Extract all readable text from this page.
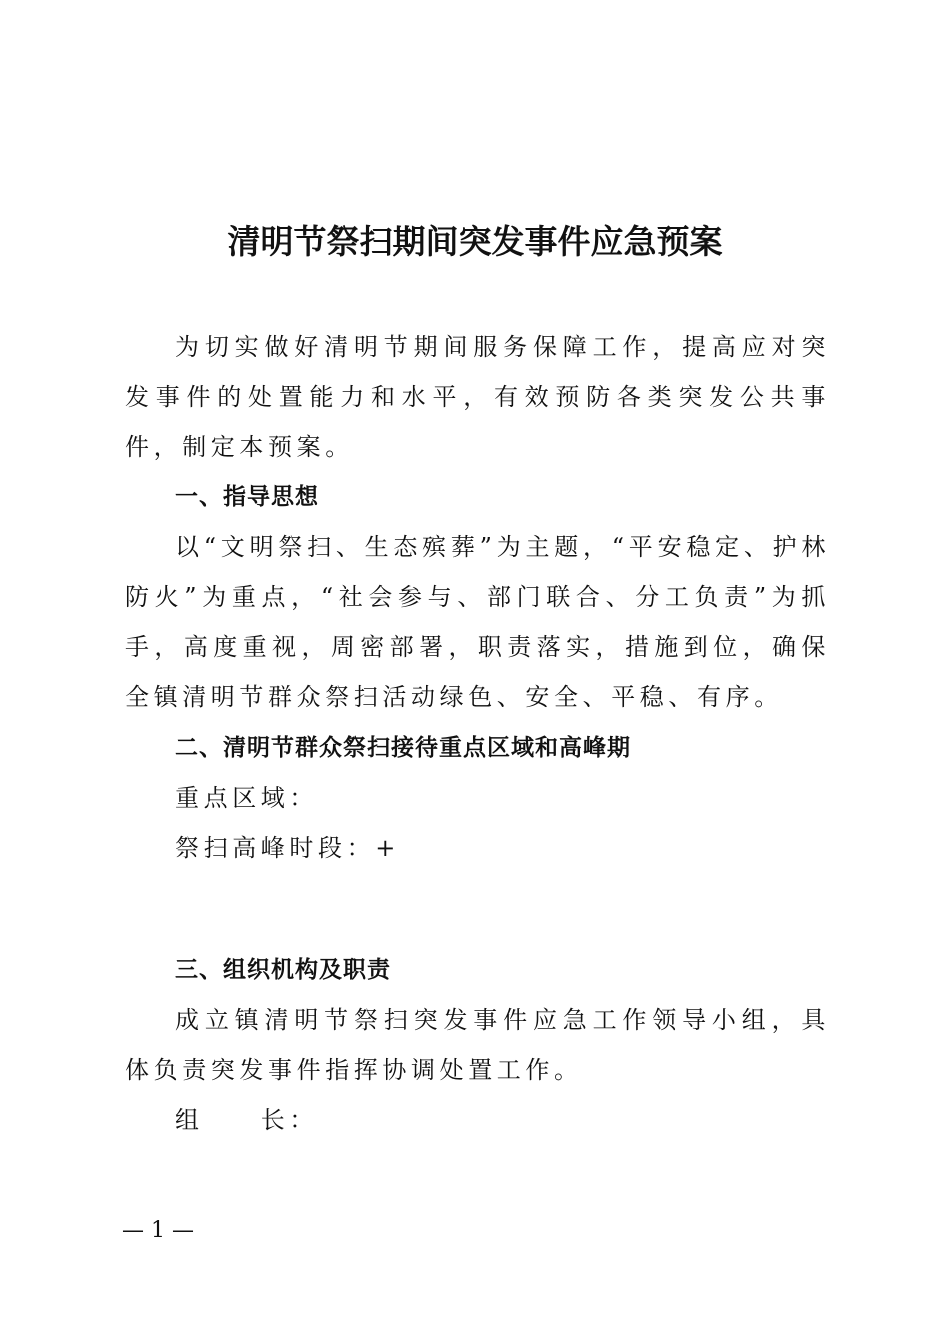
清明节祭扫期间突发事件应急预案

为切实做好清明节期间服务保障工作，提高应对突发事件的处置能力和水平，有效预防各类突发公共事件，制定本预案。

一、指导思想

以“文明祭扫、生态殡葬”为主题，“平安稳定、护林防火”为重点，“社会参与、部门联合、分工负责”为抓手，高度重视，周密部署，职责落实，措施到位，确保全镇清明节群众祭扫活动绿色、安全、平稳、有序。

二、清明节群众祭扫接待重点区域和高峰期

重点区域：

祭扫高峰时段：+

三、组织机构及职责

成立镇清明节祭扫突发事件应急工作领导小组，具体负责突发事件指挥协调处置工作。

组　　长：

— 1 —
